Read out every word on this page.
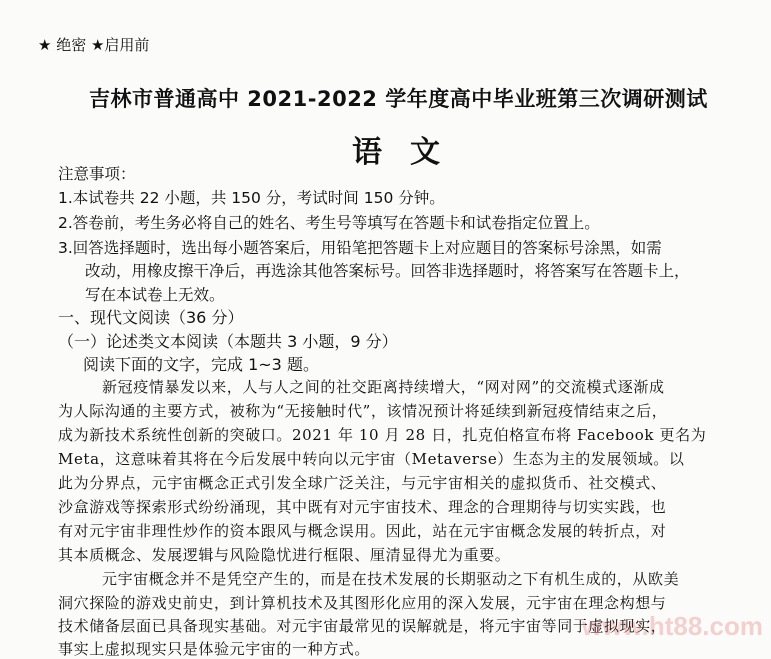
★ 绝密 ★启用前
吉林市普通高中 2021-2022 学年度高中毕业班第三次调研测试
语文
注意事项：
1.本试卷共 22 小题，共 150 分，考试时间 150 分钟。
2.答卷前，考生务必将自己的姓名、考生号等填写在答题卡和试卷指定位置上。
3.回答选择题时，选出每小题答案后，用铅笔把答题卡上对应题目的答案标号涂黑，如需
改动，用橡皮擦干净后，再选涂其他答案标号。回答非选择题时，将答案写在答题卡上，
写在本试卷上无效。
一、现代文阅读（36 分）
（一）论述类文本阅读（本题共 3 小题，9 分）
阅读下面的文字，完成 1~3 题。
新冠疫情暴发以来，人与人之间的社交距离持续增大，“网对网”的交流模式逐渐成
为人际沟通的主要方式，被称为“无接触时代”，该情况预计将延续到新冠疫情结束之后，
成为新技术系统性创新的突破口。2021 年 10 月 28 日，扎克伯格宣布将 Facebook 更名为
Meta，这意味着其将在今后发展中转向以元宇宙（Metaverse）生态为主的发展领域。以
此为分界点，元宇宙概念正式引发全球广泛关注，与元宇宙相关的虚拟货币、社交模式、
沙盒游戏等探索形式纷纷涌现，其中既有对元宇宙技术、理念的合理期待与切实实践，也
有对元宇宙非理性炒作的资本跟风与概念误用。因此，站在元宇宙概念发展的转折点，对
其本质概念、发展逻辑与风险隐忧进行框限、厘清显得尤为重要。
元宇宙概念并不是凭空产生的，而是在技术发展的长期驱动之下有机生成的，从欧美
洞穴探险的游戏史前史，到计算机技术及其图形化应用的深入发展，元宇宙在理念构想与
技术储备层面已具备现实基础。对元宇宙最常见的误解就是，将元宇宙等同于虚拟现实，
事实上虚拟现实只是体验元宇宙的一种方式。
www.ht88.com
